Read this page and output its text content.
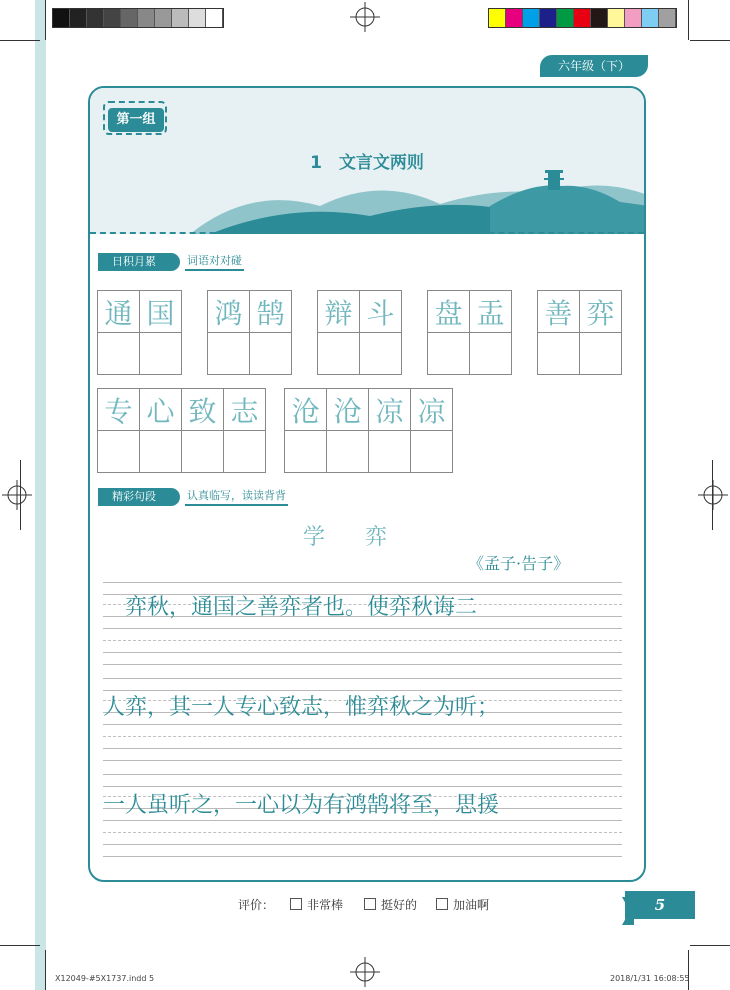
六年级（下）
第一组
1　文言文两则
日积月累	词语对对碰
通 国 鸿 鹄 辩 斗 盘 盂 善 弈
专 心 致 志 沧 沧 凉 凉
精彩句段	认真临写，读读背背
学弈
《孟子·告子》
　弈秋，通国之善弈者也。使弈秋诲二
人弈，其一人专心致志，惟弈秋之为听；
一人虽听之，一心以为有鸿鹄将至，思援
评价：	非常棒	挺好的	加油啊	5
X12049-#5X1737.indd 5	2018/1/31 16:08:55
